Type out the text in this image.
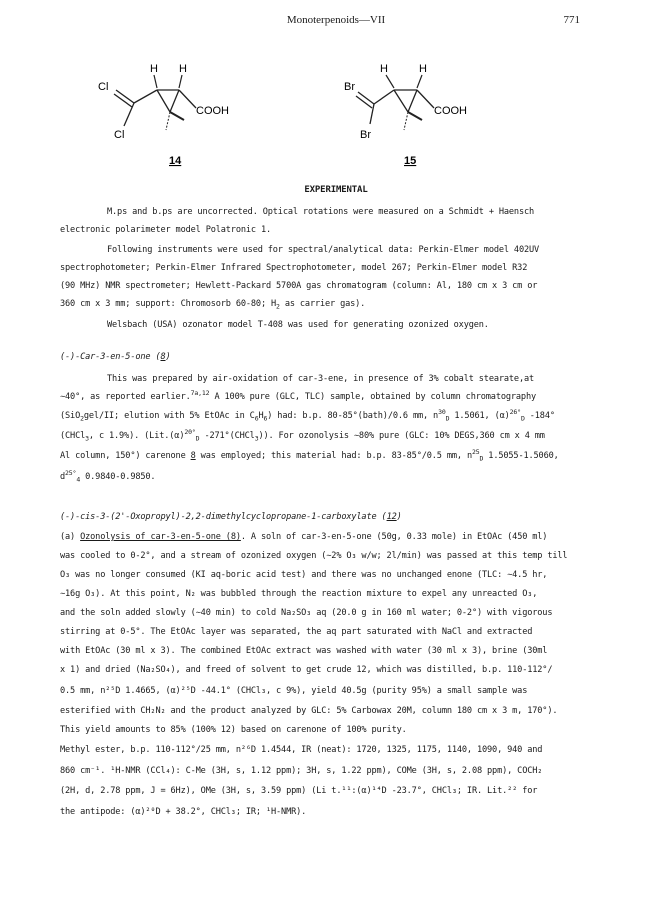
Monoterpenoids—VII	771
H H
COOH
Cl
Cl
14
H	H
COOH
Br
Br
15
EXPERIMENTAL
M.ps and b.ps are uncorrected. Optical rotations were measured on a Schmidt + Haensch
electronic polarimeter model Polatronic 1.
Following instruments were used for spectral/analytical data: Perkin-Elmer model 402UV
spectrophotometer; Perkin-Elmer Infrared Spectrophotometer, model 267; Perkin-Elmer model R32
(90 MHz) NMR spectrometer; Hewlett-Packard 5700A gas chromatogram (column: Al, 180 cm x 3 cm or
360 cm x 3 mm; support: Chromosorb 60-80; $H_2$ as carrier gas).
Welsbach (USA) ozonator model T-408 was used for generating ozonized oxygen.
(-)-Car-3-en-5-one (8)
This was prepared by air-oxidation of car-3-ene, in presence of 3% cobalt stearate,at
∼40°, as reported earlier.$^{7a,12}$ A 100% pure (GLC, TLC) sample, obtained by column chromatography
(SiO$_2$gel/II; elution with 5% EtOAc in $C_6H_6$) had: b.p. 80-85°(bath)/0.6 mm, $n^{30}_D$ 1.5061, $(\alpha)^{26^\circ}_D$ -184°
(CHCl$_3$, c 1.9%). ($Lit.(\alpha)^{20^\circ}_D$ -271°(CHCl$_3$)). For ozonolysis ∼80% pure (GLC: 10% DEGS,360 cm x 4 mm
Al column, 150°) carenone 8 was employed; this material had: b.p. 83-85°/0.5 mm, $n^{25}_D$ 1.5055-1.5060,
$d^{25^\circ}_4$ 0.9840-0.9850.
(-)-cis-3-(2'-Oxopropyl)-2,2-dimethylcyclopropane-1-carboxylate (12)
(a) Ozonolysis of car-3-en-5-one (8). A soln of car-3-en-5-one (50g, 0.33 mole) in EtOAc (450 ml)
was cooled to 0-2°, and a stream of ozonized oxygen (∼2% O₃ w/w; 2l/min) was passed at this temp till
O₃ was no longer consumed (KI aq-boric acid test) and there was no unchanged enone (TLC: ∼4.5 hr,
∼16g O₃). At this point, N₂ was bubbled through the reaction mixture to expel any unreacted O₃,
and the soln added slowly (∼40 min) to cold Na₂SO₃ aq (20.0 g in 160 ml water; 0-2°) with vigorous
stirring at 0-5°. The EtOAc layer was separated, the aq part saturated with NaCl and extracted
with EtOAc (30 ml x 3). The combined EtOAc extract was washed with water (30 ml x 3), brine (30ml
x 1) and dried (Na₂SO₄), and freed of solvent to get crude 12, which was distilled, b.p. 110-112°/
0.5 mm, n²⁵D 1.4665, (α)²⁵D -44.1° (CHCl₃, c 9%), yield 40.5g (purity 95%) a small sample was
esterified with CH₂N₂ and the product analyzed by GLC: 5% Carbowax 20M, column 180 cm x 3 m, 170°).
This yield amounts to 85% (100% 12) based on carenone of 100% purity.
Methyl ester, b.p. 110-112°/25 mm, n²⁶D 1.4544, IR (neat): 1720, 1325, 1175, 1140, 1090, 940 and
860 cm⁻¹. ¹H-NMR (CCl₄): C-Me (3H, s, 1.12 ppm); 3H, s, 1.22 ppm), COMe (3H, s, 2.08 ppm), COCH₂
(2H, d, 2.78 ppm, J = 6Hz), OMe (3H, s, 3.59 ppm) (Li t.¹¹:(α)¹⁴D -23.7°, CHCl₃; IR. Lit.²² for
the antipode: (α)²⁰D + 38.2°, CHCl₃; IR; ¹H-NMR).
